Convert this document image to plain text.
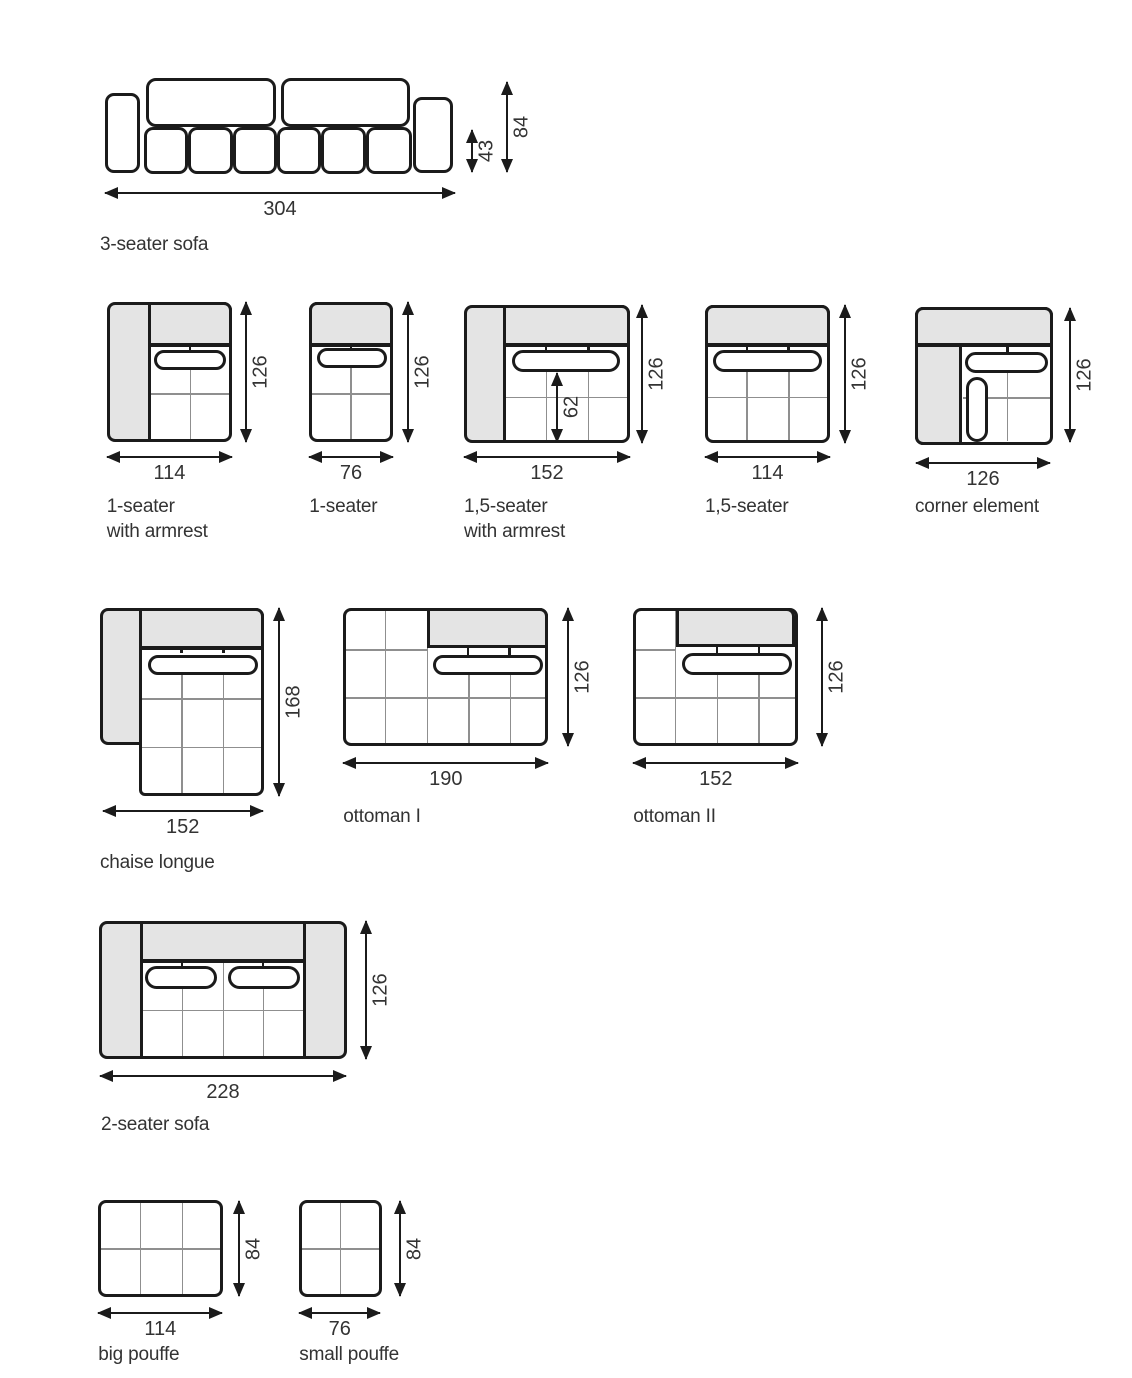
304
43
84
3-seater sofa
126
114
1-seater
with armrest
126
76
1-seater
62
126
152
1,5-seater
with armrest
126
114
1,5-seater
126
126
corner element
168
152
chaise longue
126
190
ottoman I
126
152
ottoman II
126
228
2-seater sofa
84
114
big pouffe
84
76
small pouffe
